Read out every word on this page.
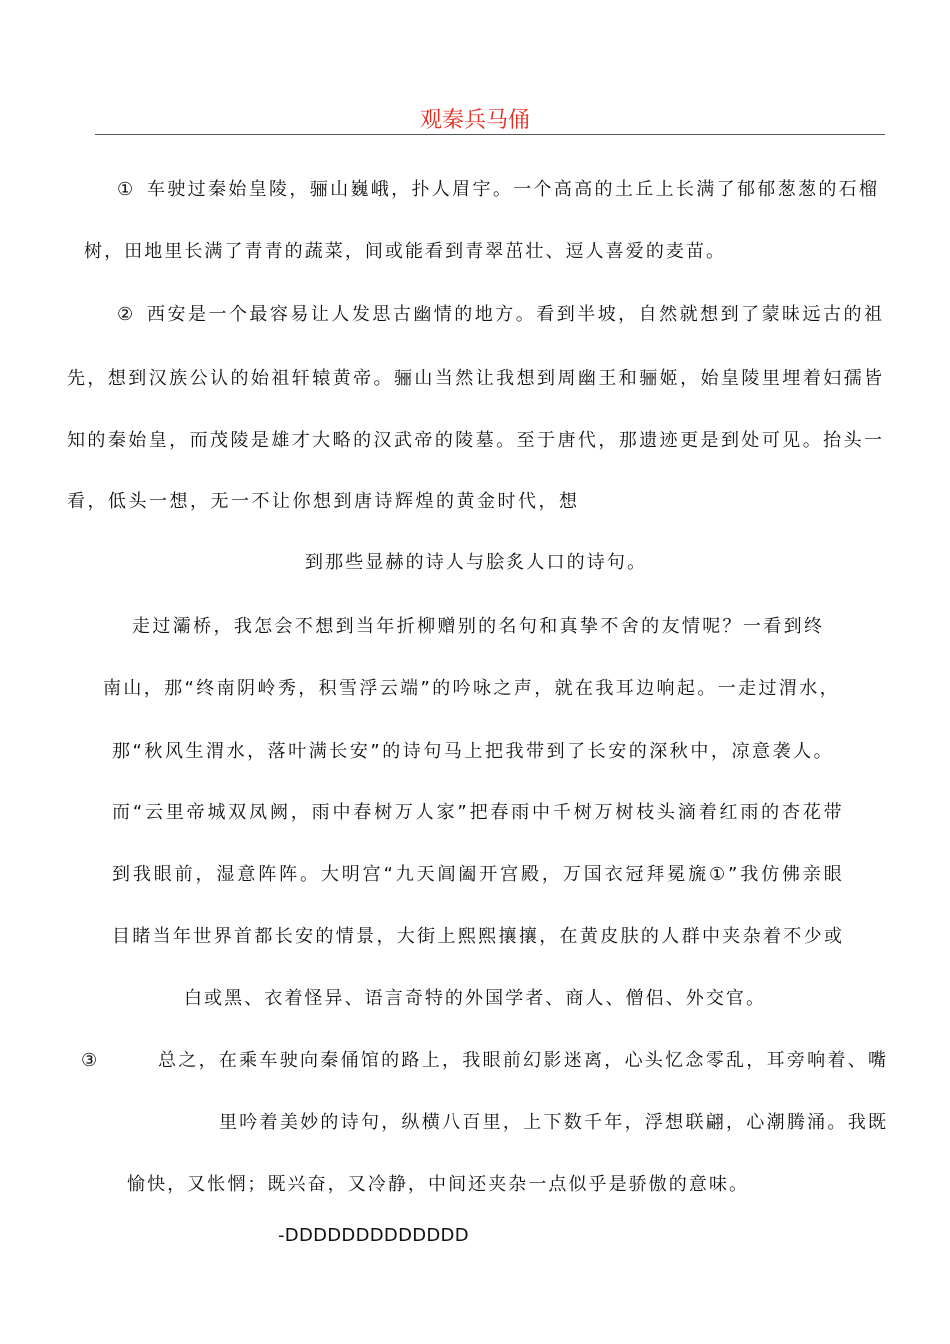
观秦兵马俑
① 车驶过秦始皇陵，骊山巍峨，扑人眉宇。一个高高的土丘上长满了郁郁葱葱的石榴
树，田地里长满了青青的蔬菜，间或能看到青翠茁壮、逗人喜爱的麦苗。
② 西安是一个最容易让人发思古幽情的地方。看到半坡，自然就想到了蒙昧远古的祖
先，想到汉族公认的始祖轩辕黄帝。骊山当然让我想到周幽王和骊姬，始皇陵里埋着妇孺皆
知的秦始皇，而茂陵是雄才大略的汉武帝的陵墓。至于唐代，那遗迹更是到处可见。抬头一
看，低头一想，无一不让你想到唐诗辉煌的黄金时代，想
到那些显赫的诗人与脍炙人口的诗句。
走过灞桥，我怎会不想到当年折柳赠别的名句和真挚不舍的友情呢？一看到终
南山，那“终南阴岭秀，积雪浮云端”的吟咏之声，就在我耳边响起。一走过渭水，
那“秋风生渭水，落叶满长安”的诗句马上把我带到了长安的深秋中，凉意袭人。
而“云里帝城双凤阙，雨中春树万人家”把春雨中千树万树枝头滴着红雨的杏花带
到我眼前，湿意阵阵。大明宫“九天阊阖开宫殿，万国衣冠拜冕旒①”我仿佛亲眼
目睹当年世界首都长安的情景，大街上熙熙攘攘，在黄皮肤的人群中夹杂着不少或
白或黑、衣着怪异、语言奇特的外国学者、商人、僧侣、外交官。
③	总之，在乘车驶向秦俑馆的路上，我眼前幻影迷离，心头忆念零乱，耳旁响着、嘴
里吟着美妙的诗句，纵横八百里，上下数千年，浮想联翩，心潮腾涌。我既
愉快，又怅惘；既兴奋，又冷静，中间还夹杂一点似乎是骄傲的意味。
-DDDDDDDDDDDDD
